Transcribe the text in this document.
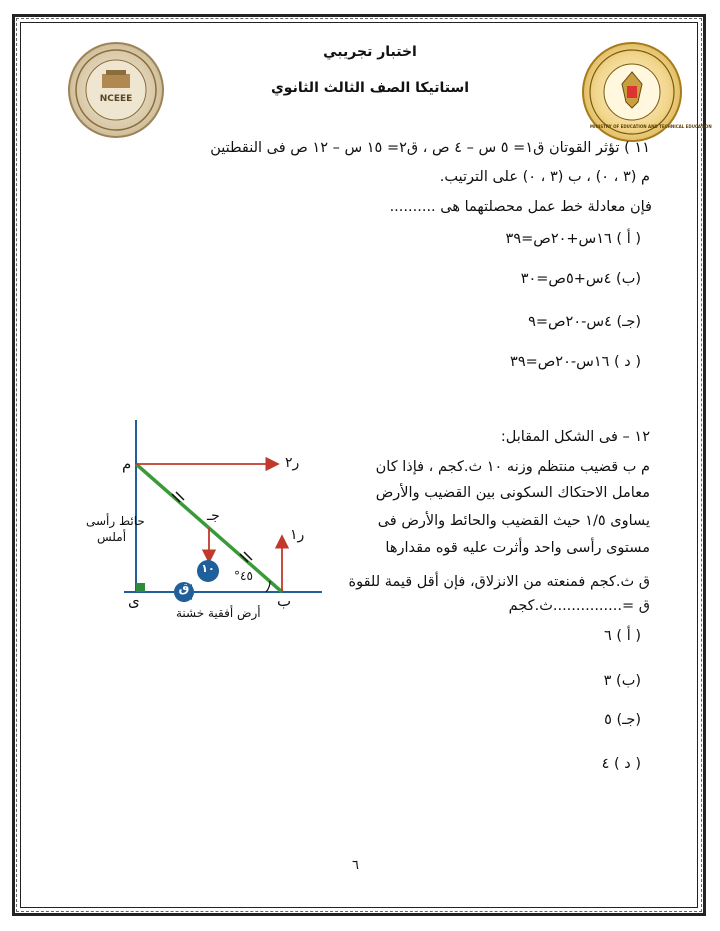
NCEEE
MINISTRY OF EDUCATION AND TECHNICAL EDUCATION
اختبار تجريبي
استاتيكا الصف الثالث الثانوي
١١ ) تؤثر القوتان ق١= ٥ س – ٤ ص ، ق٢= ١٥ س – ١٢ ص فى النقطتين
م (٣ ، ٠) ، ب (٣ ، ٠) على الترتيب.
فإن معادلة خط عمل محصلتهما هى ..........
( أ ) ١٦س+٢٠ص=٣٩
(ب) ٤س+٥ص=٣٠
(جـ) ٤س-٢٠ص=٩
( د ) ١٦س-٢٠ص=٣٩
١٢ – فى الشكل المقابل:
م ب قضيب منتظم وزنه ١٠ ث.كجم ، فإذا كان
معامل الاحتكاك السكونى بين القضيب والأرض
يساوى ١/٥ حيث القضيب والحائط والأرض فى
مستوى رأسى واحد وأثرت عليه قوه مقدارها
ق ث.كجم فمنعته من الانزلاق، فإن أقل قيمة للقوة
ق =...............ث.كجم
( أ ) ٦
(ب) ٣
(جـ) ٥
( د ) ٤
م	ر٢
جـ
ر١
١٠
°٤٥
ق
ى	ب
حائط رأسى
أملس
أرض أفقية خشنة
٦
